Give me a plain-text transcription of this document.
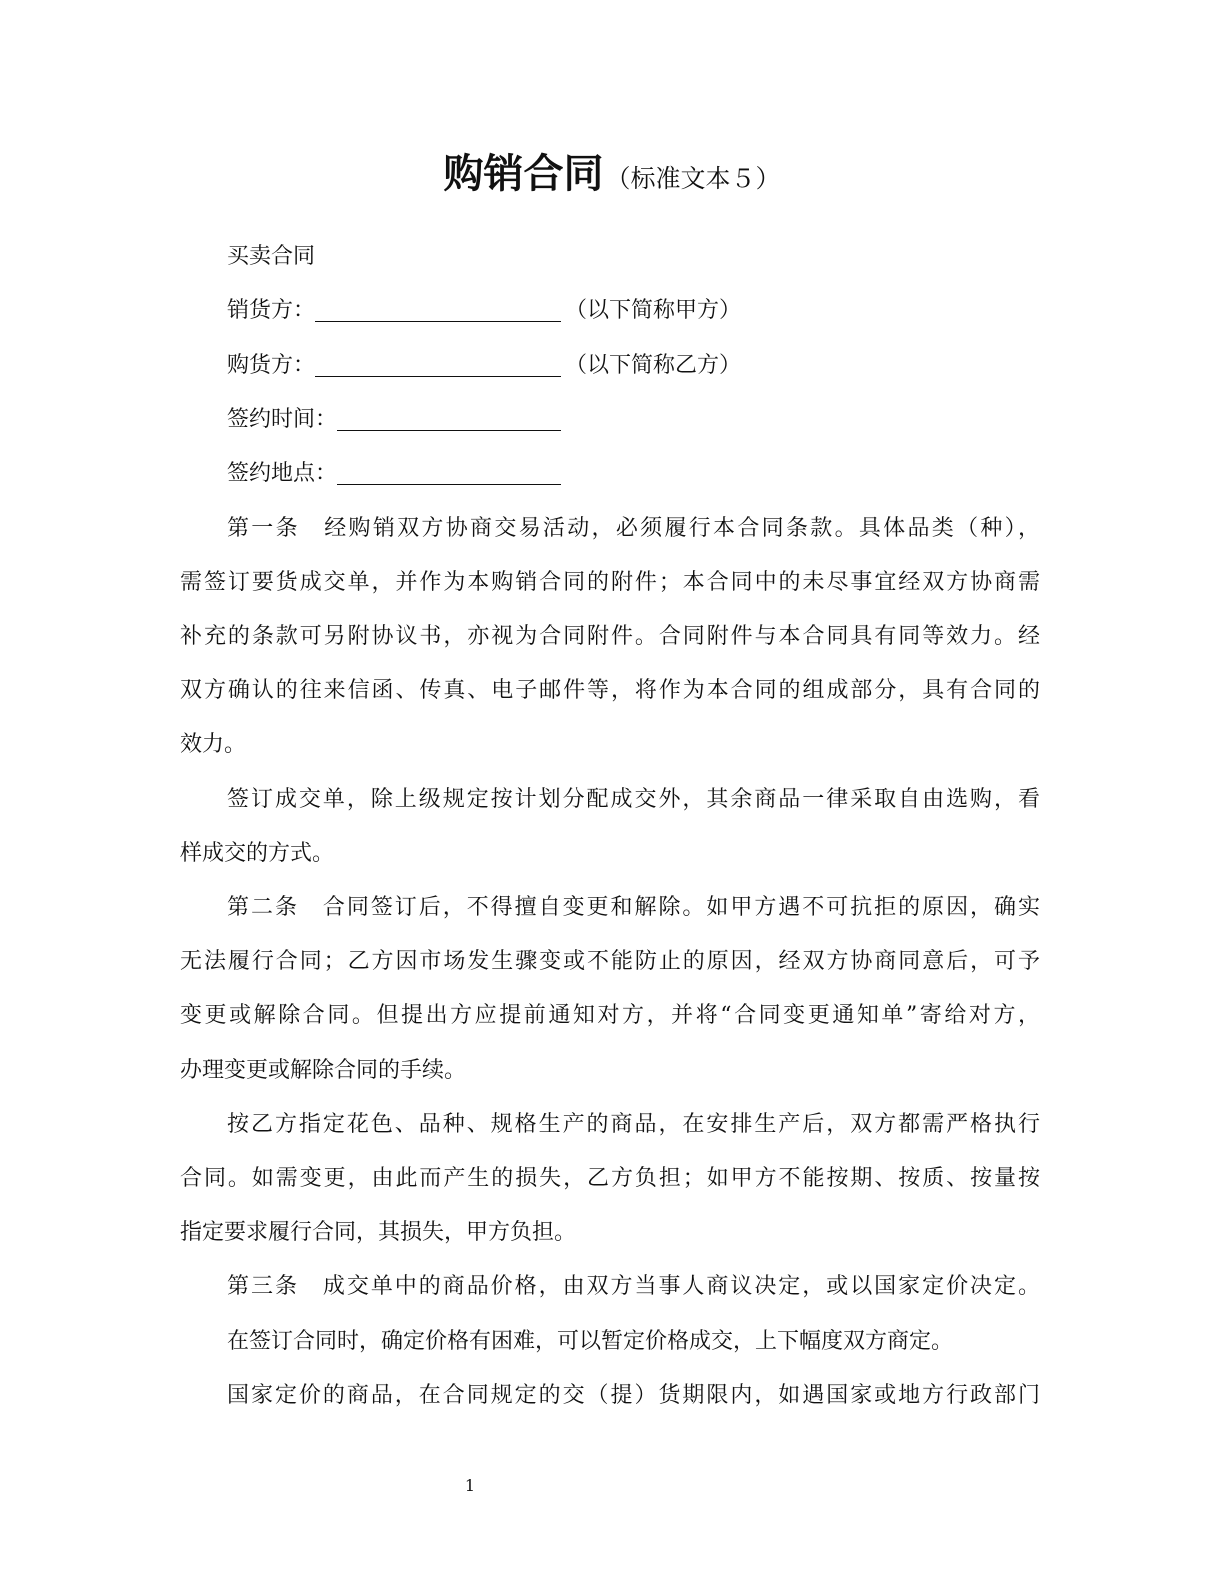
购销合同（标准文本５）
买卖合同
销货方：	（以下简称甲方）
购货方：	（以下简称乙方）
签约时间：
签约地点：
第一条　经购销双方协商交易活动，必须履行本合同条款。具体品类（种），
需签订要货成交单，并作为本购销合同的附件；本合同中的未尽事宜经双方协商需
补充的条款可另附协议书，亦视为合同附件。合同附件与本合同具有同等效力。经
双方确认的往来信函、传真、电子邮件等，将作为本合同的组成部分，具有合同的
效力。
签订成交单，除上级规定按计划分配成交外，其余商品一律采取自由选购，看
样成交的方式。
第二条　合同签订后，不得擅自变更和解除。如甲方遇不可抗拒的原因，确实
无法履行合同；乙方因市场发生骤变或不能防止的原因，经双方协商同意后，可予
变更或解除合同。但提出方应提前通知对方，并将“合同变更通知单”寄给对方，
办理变更或解除合同的手续。
按乙方指定花色、品种、规格生产的商品，在安排生产后，双方都需严格执行
合同。如需变更，由此而产生的损失，乙方负担；如甲方不能按期、按质、按量按
指定要求履行合同，其损失，甲方负担。
第三条　成交单中的商品价格，由双方当事人商议决定，或以国家定价决定。
在签订合同时，确定价格有困难，可以暂定价格成交，上下幅度双方商定。
国家定价的商品，在合同规定的交（提）货期限内，如遇国家或地方行政部门
1
